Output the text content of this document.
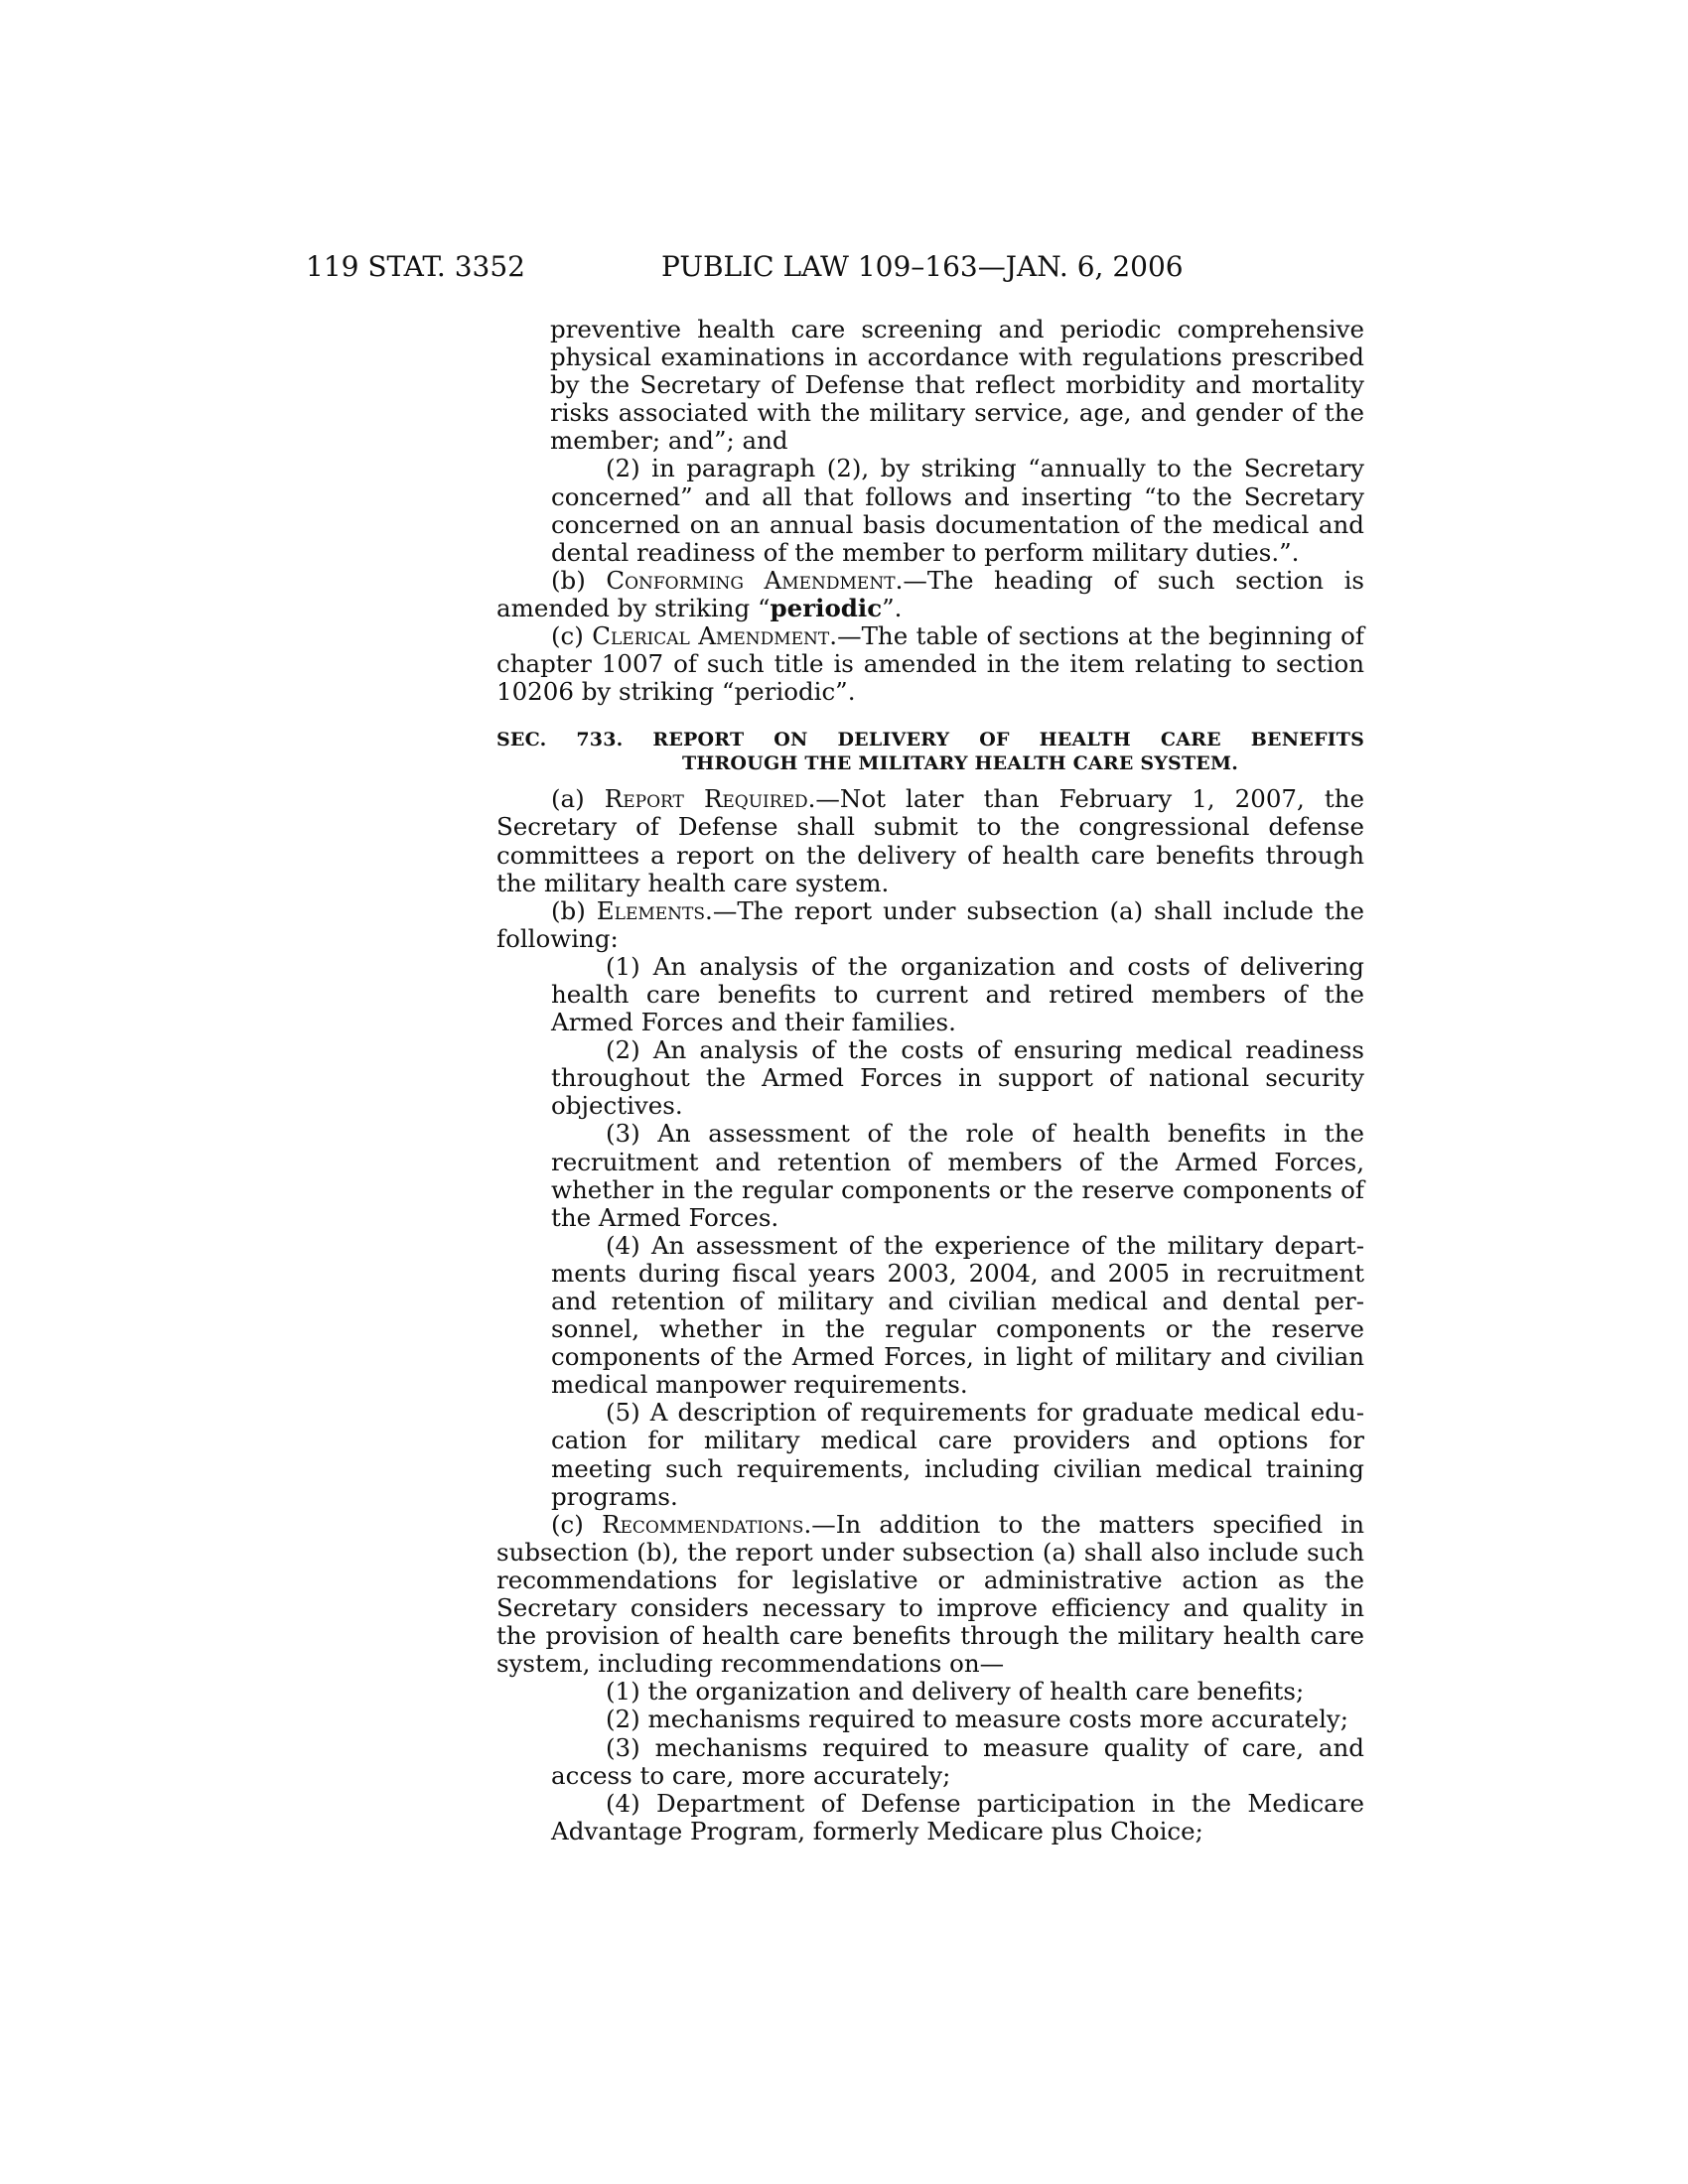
119 STAT. 3352	PUBLIC LAW 109–163—JAN. 6, 2006

preventive health care screening and periodic comprehensive physical examinations in accordance with regulations prescribed by the Secretary of Defense that reflect morbidity and mortality risks associated with the military service, age, and gender of the member; and”; and

(2) in paragraph (2), by striking “annually to the Secretary concerned” and all that follows and inserting “to the Secretary concerned on an annual basis documentation of the medical and dental readiness of the member to perform military duties.”.

(b) Conforming Amendment.—The heading of such section is amended by striking “periodic”.

(c) Clerical Amendment.—The table of sections at the beginning of chapter 1007 of such title is amended in the item relating to section 10206 by striking “periodic”.

SEC. 733. REPORT ON DELIVERY OF HEALTH CARE BENEFITS
THROUGH THE MILITARY HEALTH CARE SYSTEM.

(a) Report Required.—Not later than February 1, 2007, the Secretary of Defense shall submit to the congressional defense committees a report on the delivery of health care benefits through the military health care system.

(b) Elements.—The report under subsection (a) shall include the following:

(1) An analysis of the organization and costs of delivering health care benefits to current and retired members of the Armed Forces and their families.

(2) An analysis of the costs of ensuring medical readiness throughout the Armed Forces in support of national security objectives.

(3) An assessment of the role of health benefits in the recruitment and retention of members of the Armed Forces, whether in the regular components or the reserve components of the Armed Forces.

(4) An assessment of the experience of the military departments during fiscal years 2003, 2004, and 2005 in recruitment and retention of military and civilian medical and dental personnel, whether in the regular components or the reserve components of the Armed Forces, in light of military and civilian medical manpower requirements.

(5) A description of requirements for graduate medical education for military medical care providers and options for meeting such requirements, including civilian medical training programs.

(c) Recommendations.—In addition to the matters specified in subsection (b), the report under subsection (a) shall also include such recommendations for legislative or administrative action as the Secretary considers necessary to improve efficiency and quality in the provision of health care benefits through the military health care system, including recommendations on—

(1) the organization and delivery of health care benefits;

(2) mechanisms required to measure costs more accurately;

(3) mechanisms required to measure quality of care, and access to care, more accurately;

(4) Department of Defense participation in the Medicare Advantage Program, formerly Medicare plus Choice;
